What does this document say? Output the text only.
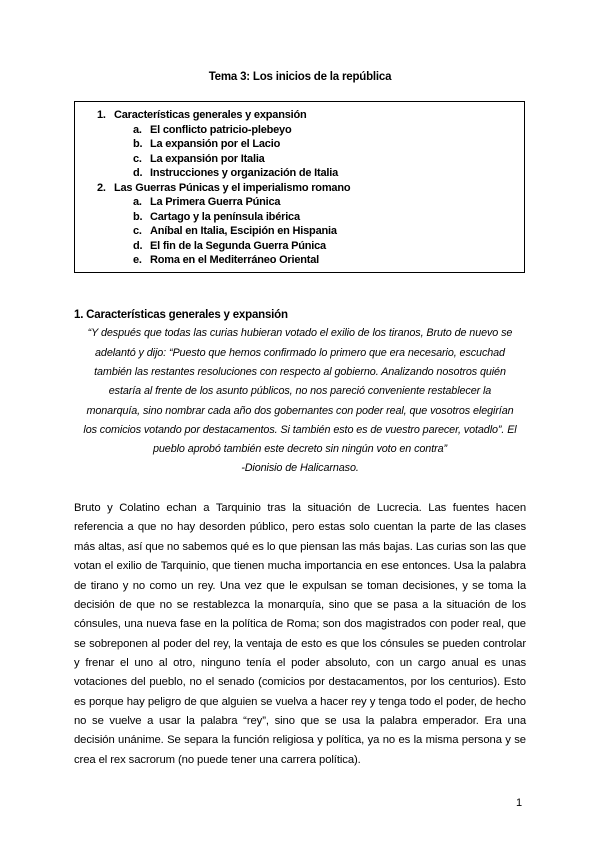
Tema 3: Los inicios de la república
1. Características generales y expansión
a. El conflicto patricio-plebeyo
b. La expansión por el Lacio
c. La expansión por Italia
d. Instrucciones y organización de Italia
2. Las Guerras Púnicas y el imperialismo romano
a. La Primera Guerra Púnica
b. Cartago y la península ibérica
c. Aníbal en Italia, Escipión en Hispania
d. El fin de la Segunda Guerra Púnica
e. Roma en el Mediterráneo Oriental
1. Características generales y expansión
“Y después que todas las curias hubieran votado el exilio de los tiranos, Bruto de nuevo se
adelantó y dijo: “Puesto que hemos confirmado lo primero que era necesario, escuchad
también las restantes resoluciones con respecto al gobierno. Analizando nosotros quién
estaría al frente de los asunto públicos, no nos pareció conveniente restablecer la
monarquía, sino nombrar cada año dos gobernantes con poder real, que vosotros elegirían
los comicios votando por destacamentos. Si también esto es de vuestro parecer, votadlo”. El
pueblo aprobó también este decreto sin ningún voto en contra”
-Dionisio de Halicarnaso.
Bruto y Colatino echan a Tarquinio tras la situación de Lucrecia. Las fuentes hacen
referencia a que no hay desorden público, pero estas solo cuentan la parte de las clases
más altas, así que no sabemos qué es lo que piensan las más bajas. Las curias son las que
votan el exilio de Tarquinio, que tienen mucha importancia en ese entonces. Usa la palabra
de tirano y no como un rey. Una vez que le expulsan se toman decisiones, y se toma la
decisión de que no se restablezca la monarquía, sino que se pasa a la situación de los
cónsules, una nueva fase en la política de Roma; son dos magistrados con poder real, que
se sobreponen al poder del rey, la ventaja de esto es que los cónsules se pueden controlar
y frenar el uno al otro, ninguno tenía el poder absoluto, con un cargo anual es unas
votaciones del pueblo, no el senado (comicios por destacamentos, por los centurios). Esto
es porque hay peligro de que alguien se vuelva a hacer rey y tenga todo el poder, de hecho
no se vuelve a usar la palabra “rey”, sino que se usa la palabra emperador. Era una
decisión unánime. Se separa la función religiosa y política, ya no es la misma persona y se
crea el rex sacrorum (no puede tener una carrera política).
1
